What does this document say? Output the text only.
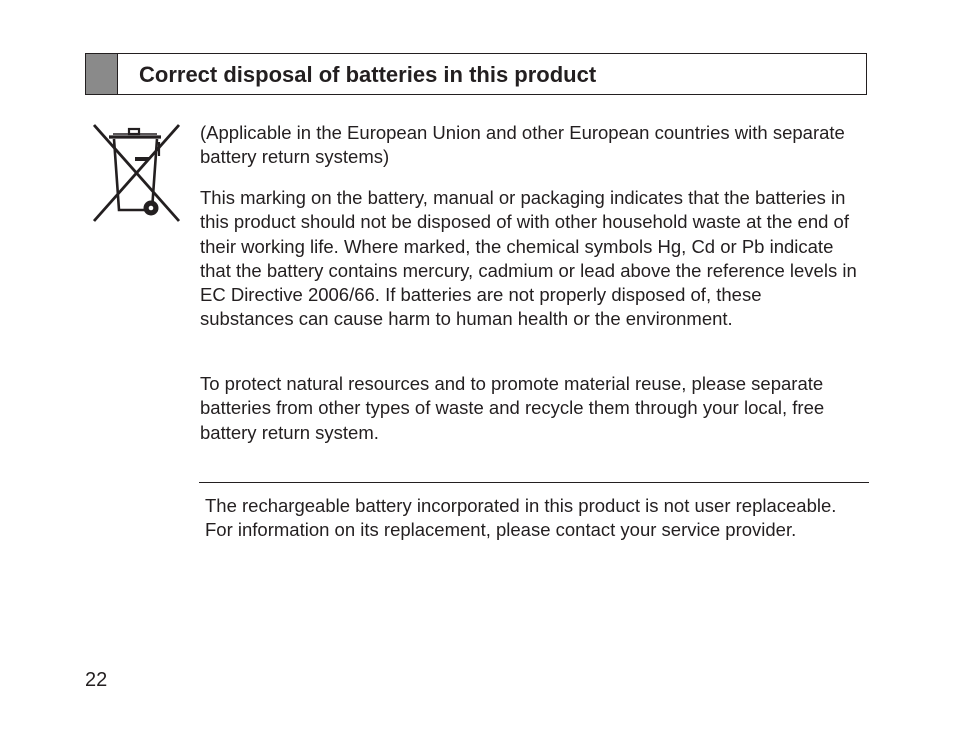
Correct disposal of batteries in this product

(Applicable in the European Union and other European countries with separate battery return systems)

This marking on the battery, manual or packaging indicates that the batteries in this product should not be disposed of with other household waste at the end of their working life. Where marked, the chemical symbols Hg, Cd or Pb indicate that the battery contains mercury, cadmium or lead above the reference levels in EC Directive 2006/66. If batteries are not properly disposed of, these substances can cause harm to human health or the environment.

To protect natural resources and to promote material reuse, please separate batteries from other types of waste and recycle them through your local, free battery return system.

The rechargeable battery incorporated in this product is not user replaceable. For information on its replacement, please contact your service provider.

22
